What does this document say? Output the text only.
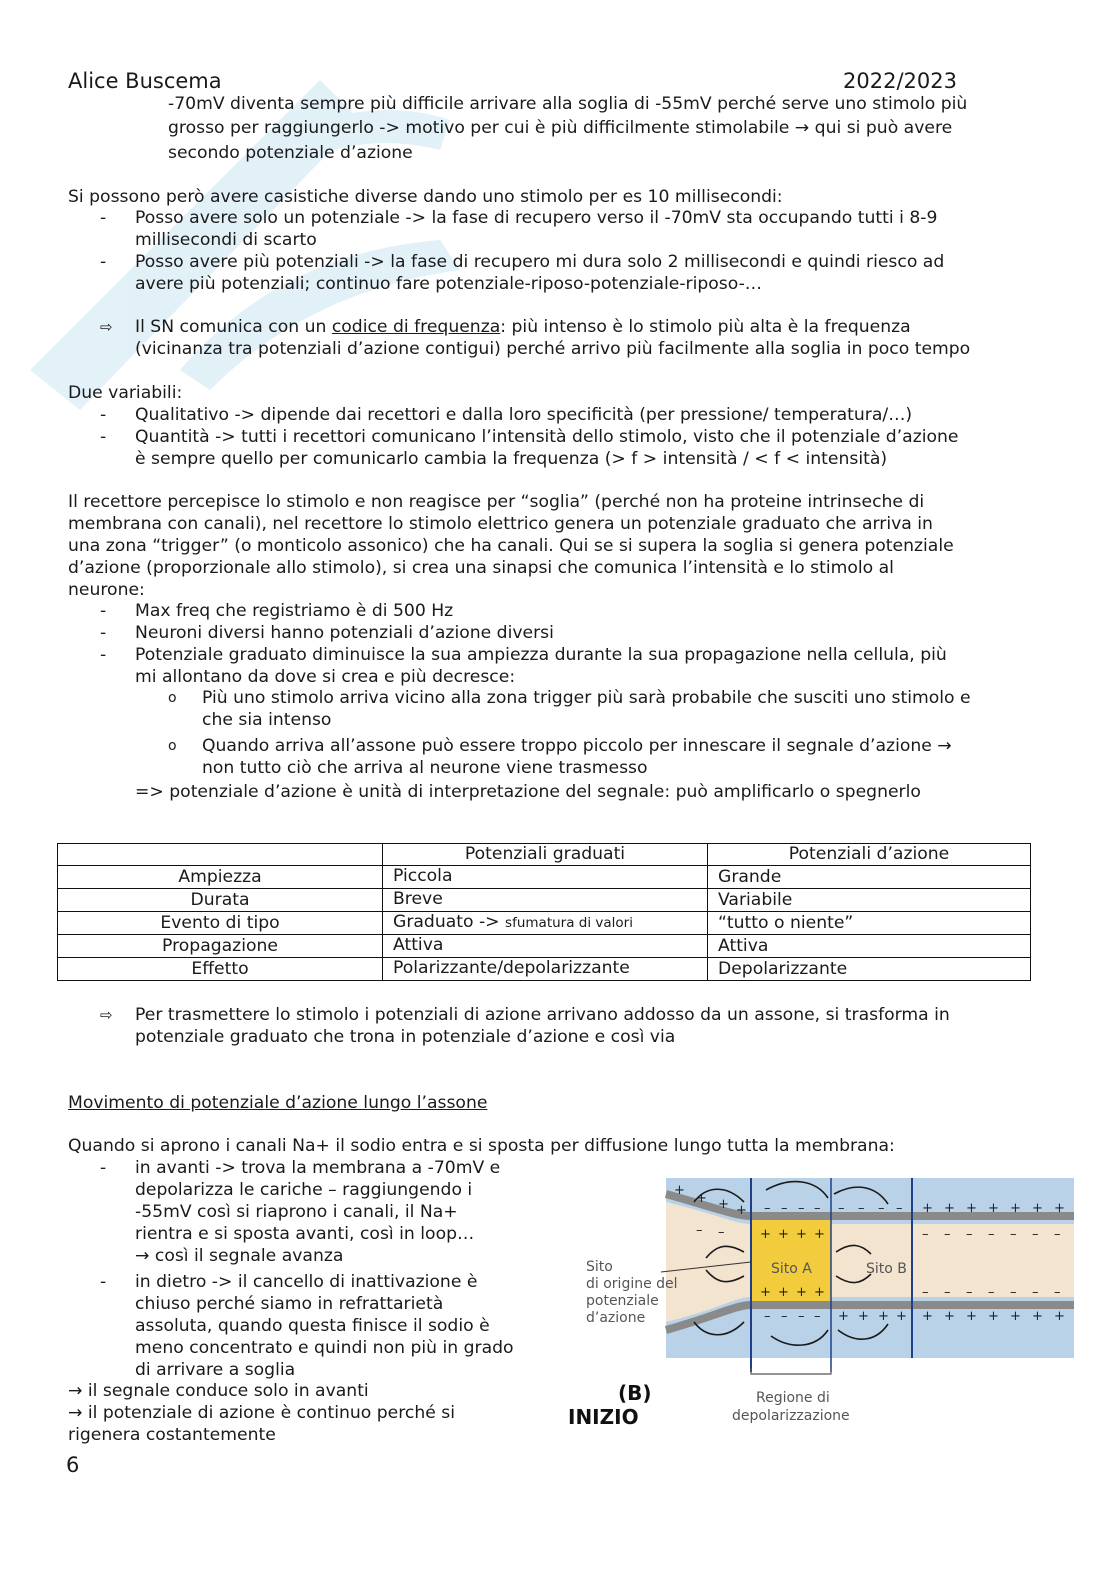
Alice Buscema	2022/2023
-70mV diventa sempre più difficile arrivare alla soglia di -55mV perché serve uno stimolo più
grosso per raggiungerlo -> motivo per cui è più difficilmente stimolabile → qui si può avere
secondo potenziale d’azione
Si possono però avere casistiche diverse dando uno stimolo per es 10 millisecondi:
- Posso avere solo un potenziale -> la fase di recupero verso il -70mV sta occupando tutti i 8-9
millisecondi di scarto
- Posso avere più potenziali -> la fase di recupero mi dura solo 2 millisecondi e quindi riesco ad
avere più potenziali; continuo fare potenziale-riposo-potenziale-riposo-…
⇨ Il SN comunica con un codice di frequenza: più intenso è lo stimolo più alta è la frequenza
(vicinanza tra potenziali d’azione contigui) perché arrivo più facilmente alla soglia in poco tempo
Due variabili:
- Qualitativo -> dipende dai recettori e dalla loro specificità (per pressione/ temperatura/…)
- Quantità -> tutti i recettori comunicano l’intensità dello stimolo, visto che il potenziale d’azione
è sempre quello per comunicarlo cambia la frequenza (> f > intensità / < f < intensità)
Il recettore percepisce lo stimolo e non reagisce per “soglia” (perché non ha proteine intrinseche di
membrana con canali), nel recettore lo stimolo elettrico genera un potenziale graduato che arriva in
una zona “trigger” (o monticolo assonico) che ha canali. Qui se si supera la soglia si genera potenziale
d’azione (proporzionale allo stimolo), si crea una sinapsi che comunica l’intensità e lo stimolo al
neurone:
- Max freq che registriamo è di 500 Hz
- Neuroni diversi hanno potenziali d’azione diversi
- Potenziale graduato diminuisce la sua ampiezza durante la sua propagazione nella cellula, più
mi allontano da dove si crea e più decresce:
o Più uno stimolo arriva vicino alla zona trigger più sarà probabile che susciti uno stimolo e
che sia intenso
o Quando arriva all’assone può essere troppo piccolo per innescare il segnale d’azione →
non tutto ciò che arriva al neurone viene trasmesso
=> potenziale d’azione è unità di interpretazione del segnale: può amplificarlo o spegnerlo
	Potenziali graduati	Potenziali d’azione
Ampiezza	Piccola	Grande
Durata	Breve	Variabile
Evento di tipo	Graduato -> sfumatura di valori	“tutto o niente”
Propagazione	Attiva	Attiva
Effetto	Polarizzante/depolarizzante	Depolarizzante
⇨ Per trasmettere lo stimolo i potenziali di azione arrivano addosso da un assone, si trasforma in
potenziale graduato che trona in potenziale d’azione e così via
Movimento di potenziale d’azione lungo l’assone
Quando si aprono i canali Na+ il sodio entra e si sposta per diffusione lungo tutta la membrana:
- in avanti -> trova la membrana a -70mV e
depolarizza le cariche – raggiungendo i
-55mV così si riaprono i canali, il Na+
rientra e si sposta avanti, così in loop…
→ così il segnale avanza
- in dietro -> il cancello di inattivazione è
chiuso perché siamo in refrattarietà
assoluta, quando questa finisce il sodio è
meno concentrato e quindi non più in grado
di arrivare a soglia
→ il segnale conduce solo in avanti
→ il potenziale di azione è continuo perché si
rigenera costantemente
+
+ + + – – – – – – – – + + + + + + +
– –	+ + + +	– – – – – – –
+ + + +	– – – – – – –
– – – – + + + + + + + + + + +
Sito
di origine del
potenziale
d’azione
Sito A	Sito B
Regione di
depolarizzazione
(B)
INIZIO
6
